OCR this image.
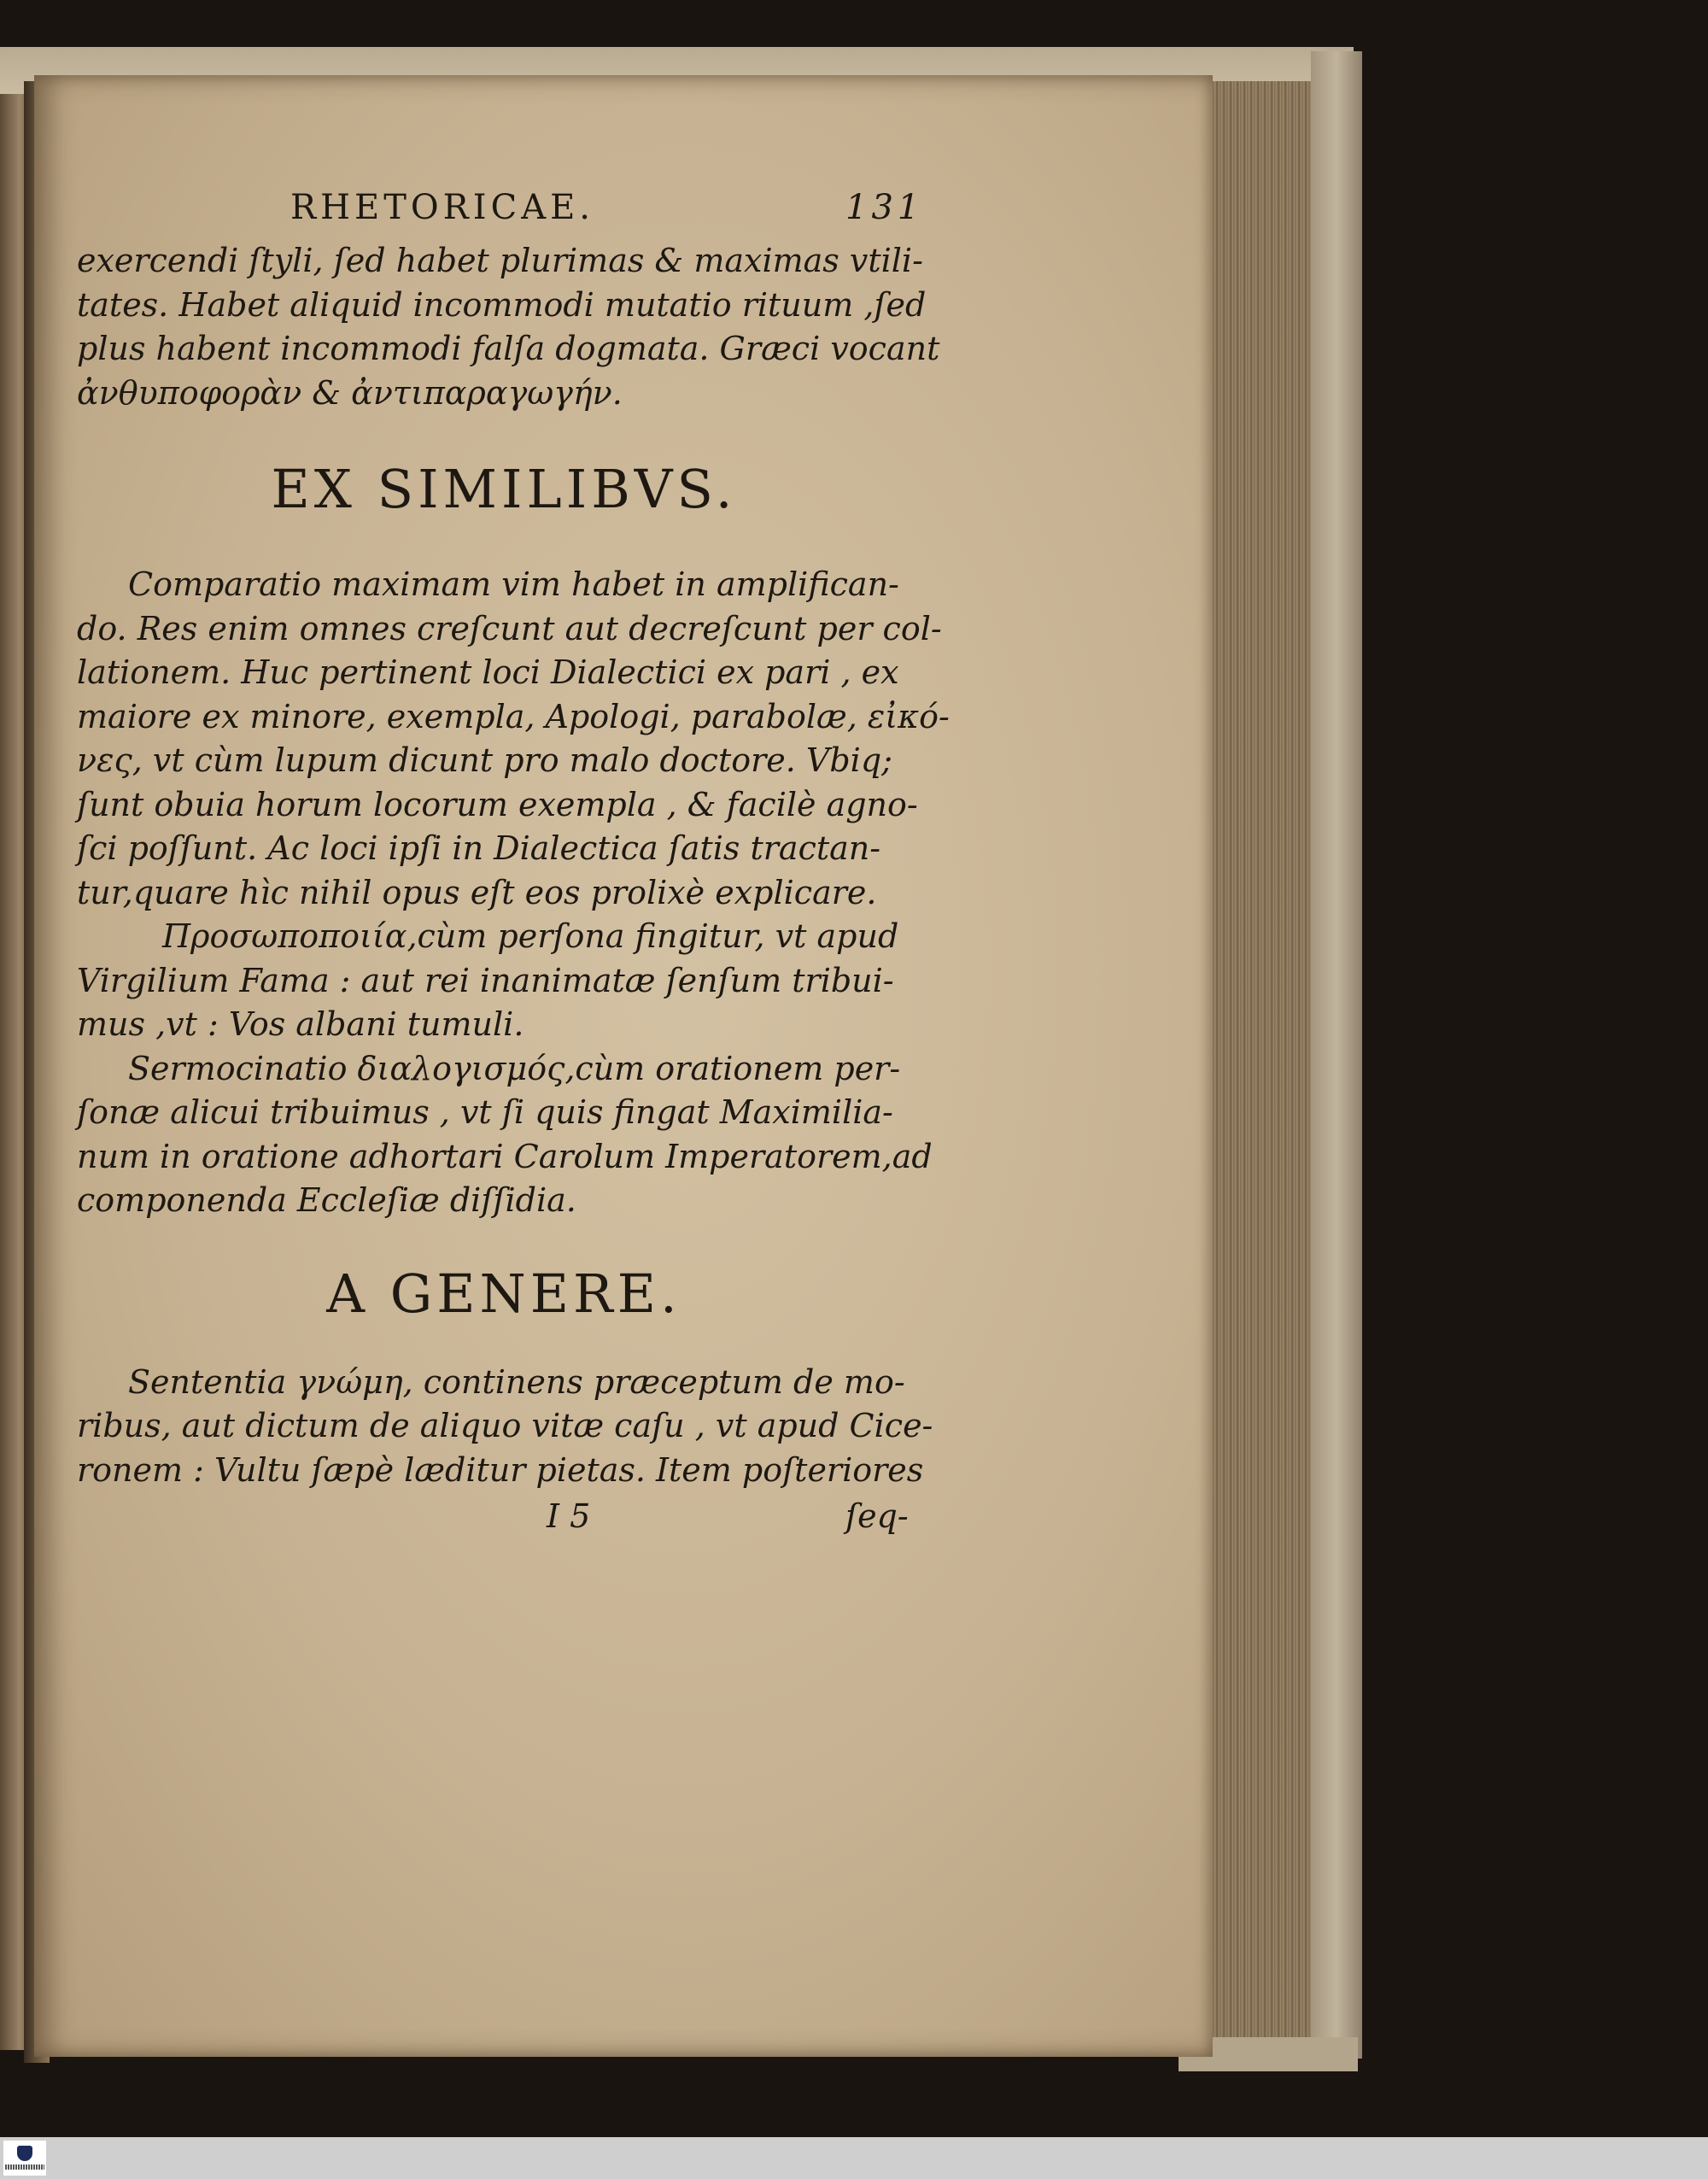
RHETORICAE.	131
exercendi ſtyli, ſed habet plurimas & maximas vtili-
tates. Habet aliquid incommodi mutatio rituum ,ſed
plus habent incommodi falſa dogmata. Græci vocant
ἀνθυποφορὰν & ἀντιπαραγωγήν.
EX SIMILIBVS.
Comparatio maximam vim habet in amplifican-
do. Res enim omnes creſcunt aut decreſcunt per col-
lationem. Huc pertinent loci Dialectici ex pari , ex
maiore ex minore, exempla, Apologi, parabolæ, εἰκό-
νες, vt cùm lupum dicunt pro malo doctore. Vbiq;
ſunt obuia horum locorum exempla , & facilè agno-
ſci poſſunt. Ac loci ipſi in Dialectica ſatis tractan-
tur,quare hìc nihil opus eſt eos prolixè explicare.
Προσωποποιία,cùm perſona fingitur, vt apud
Virgilium Fama : aut rei inanimatæ ſenſum tribui-
mus ,vt : Vos albani tumuli.
Sermocinatio διαλογισμός,cùm orationem per-
ſonæ alicui tribuimus , vt ſi quis fingat Maximilia-
num in oratione adhortari Carolum Imperatorem,ad
componenda Eccleſiæ diſſidia.
A GENERE.
Sententia γνώμη, continens præceptum de mo-
ribus, aut dictum de aliquo vitæ caſu , vt apud Cice-
ronem : Vultu ſæpè læditur pietas. Item poſteriores
I 5	ſeq-
